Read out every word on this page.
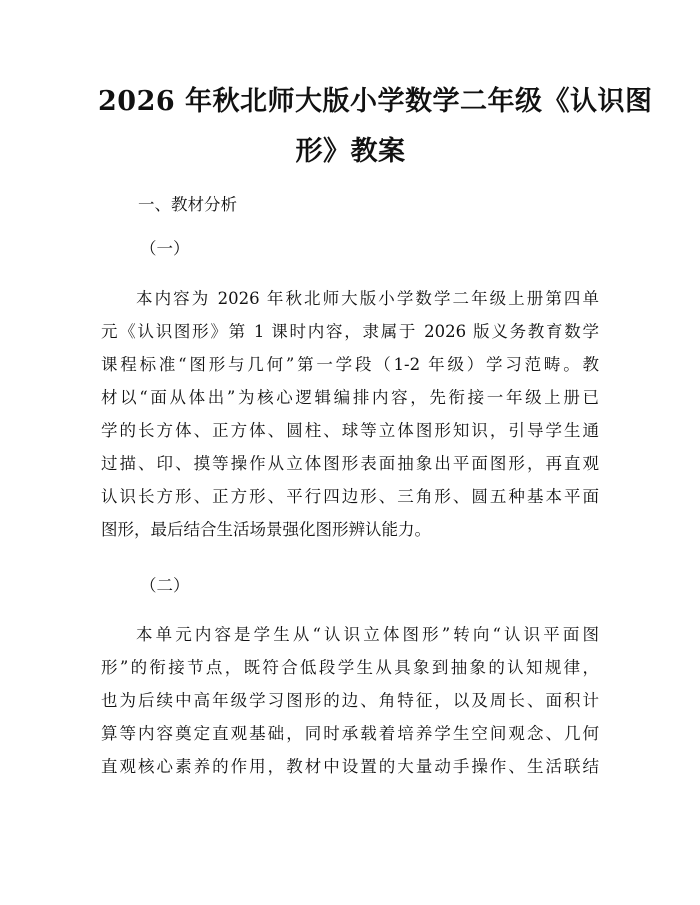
2026 年秋北师大版小学数学二年级《认识图
形》教案
一、教材分析
（一）
本内容为 2026 年秋北师大版小学数学二年级上册第四单
元《认识图形》第 1 课时内容，隶属于 2026 版义务教育数学
课程标准“图形与几何”第一学段（1-2 年级）学习范畴。教
材以“面从体出”为核心逻辑编排内容，先衔接一年级上册已
学的长方体、正方体、圆柱、球等立体图形知识，引导学生通
过描、印、摸等操作从立体图形表面抽象出平面图形，再直观
认识长方形、正方形、平行四边形、三角形、圆五种基本平面
图形，最后结合生活场景强化图形辨认能力。
（二）
本单元内容是学生从“认识立体图形”转向“认识平面图
形”的衔接节点，既符合低段学生从具象到抽象的认知规律，
也为后续中高年级学习图形的边、角特征，以及周长、面积计
算等内容奠定直观基础，同时承载着培养学生空间观念、几何
直观核心素养的作用，教材中设置的大量动手操作、生活联结
